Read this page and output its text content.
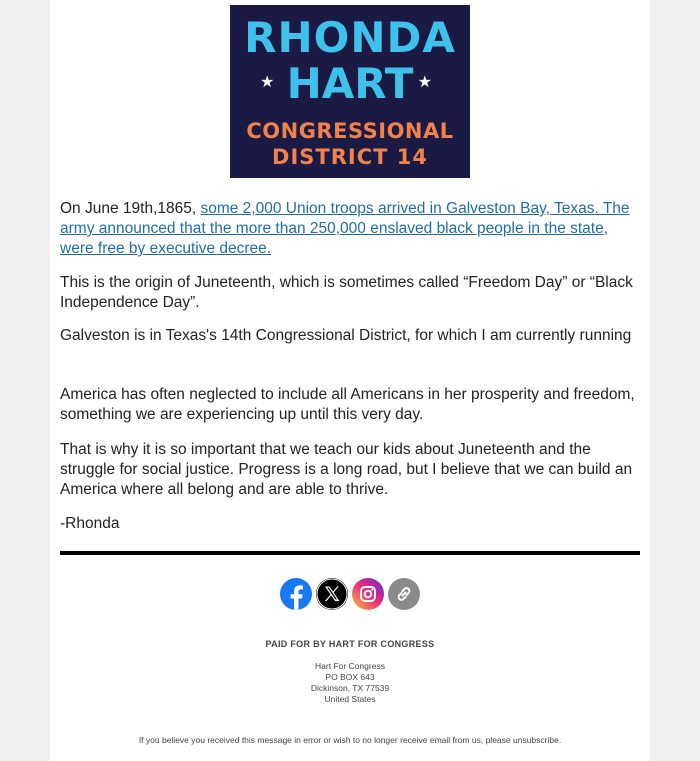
RHONDA
★ HART ★
CONGRESSIONAL
DISTRICT 14

On June 19th,1865, some 2,000 Union troops arrived in Galveston Bay, Texas. The army announced that the more than 250,000 enslaved black people in the state, were free by executive decree.

This is the origin of Juneteenth, which is sometimes called “Freedom Day” or “Black Independence Day”.

Galveston is in Texas's 14th Congressional District, for which I am currently running

America has often neglected to include all Americans in her prosperity and freedom, something we are experiencing up until this very day.

That is why it is so important that we teach our kids about Juneteenth and the struggle for social justice. Progress is a long road, but I believe that we can build an America where all belong and are able to thrive.

-Rhonda

PAID FOR BY HART FOR CONGRESS
Hart For Congress
PO BOX 643
Dickinson, TX 77539
United States
If you believe you received this message in error or wish to no longer receive email from us, please unsubscribe.
